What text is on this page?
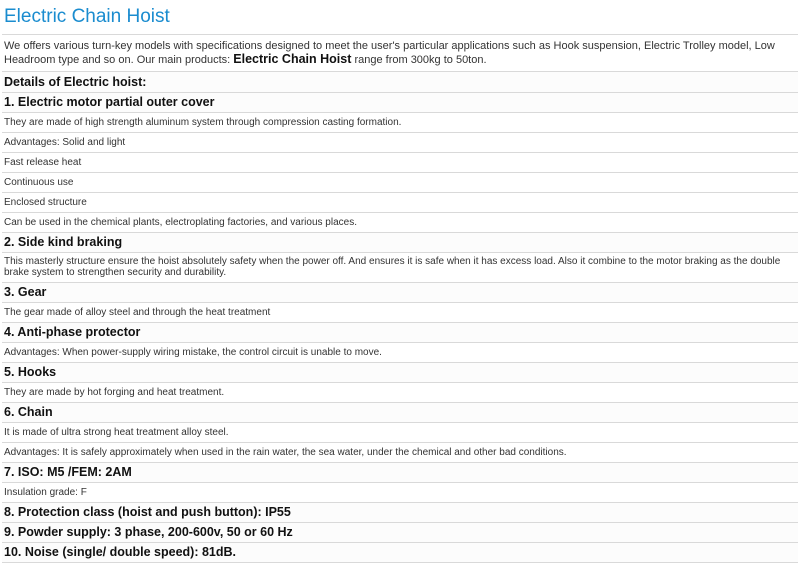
Electric Chain Hoist
We offers various turn-key models with specifications designed to meet the user's particular applications such as Hook suspension, Electric Trolley model, Low Headroom type and so on. Our main products: Electric Chain Hoist range from 300kg to 50ton.
Details of Electric hoist:
1. Electric motor partial outer cover
They are made of high strength aluminum system through compression casting formation.
Advantages: Solid and light
Fast release heat
Continuous use
Enclosed structure
Can be used in the chemical plants, electroplating factories, and various places.
2. Side kind braking
This masterly structure ensure the hoist absolutely safety when the power off. And ensures it is safe when it has excess load. Also it combine to the motor braking as the double brake system to strengthen security and durability.
3. Gear
The gear made of alloy steel and through the heat treatment
4. Anti-phase protector
Advantages: When power-supply wiring mistake, the control circuit is unable to move.
5. Hooks
They are made by hot forging and heat treatment.
6. Chain
It is made of ultra strong heat treatment alloy steel.
Advantages: It is safely approximately when used in the rain water, the sea water, under the chemical and other bad conditions.
7. ISO: M5 /FEM: 2AM
Insulation grade: F
8. Protection class (hoist and push button): IP55
9. Powder supply: 3 phase, 200-600v, 50 or 60 Hz
10. Noise (single/ double speed): 81dB.
